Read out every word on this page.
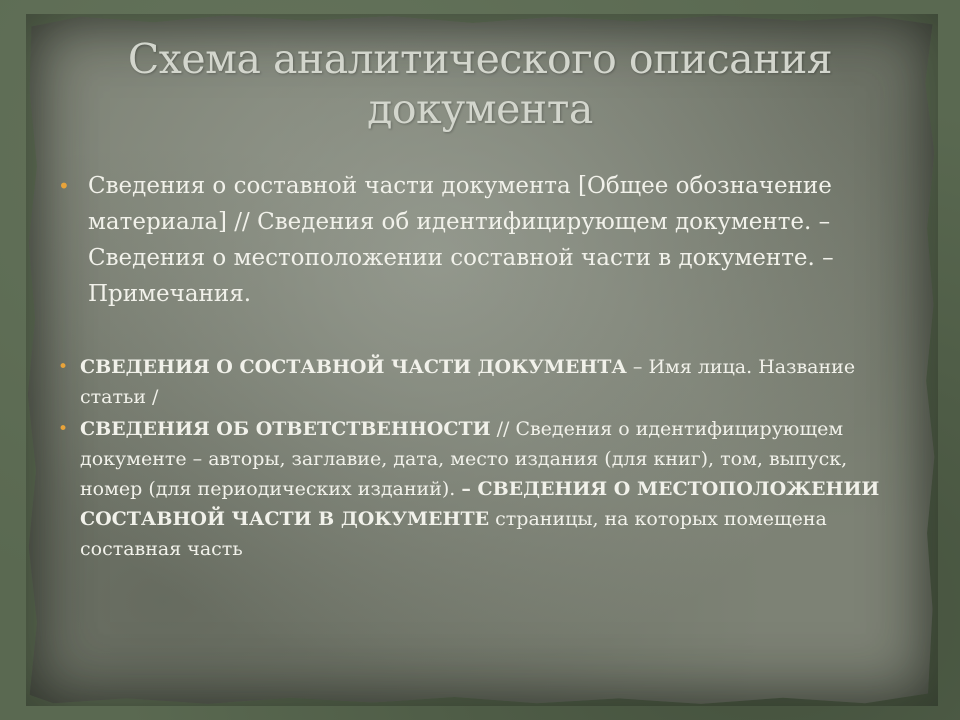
Схема аналитического описания
документа
• Сведения о составной части документа [Общее обозначение материала] // Сведения об идентифицирующем документе. – Сведения о местоположении составной части в документе. – Примечания.
• СВЕДЕНИЯ О СОСТАВНОЙ ЧАСТИ ДОКУМЕНТА – Имя лица. Название статьи /
• СВЕДЕНИЯ ОБ ОТВЕТСТВЕННОСТИ // Сведения о идентифицирующем документе – авторы, заглавие, дата, место издания (для книг), том, выпуск, номер (для периодических изданий). – СВЕДЕНИЯ О МЕСТОПОЛОЖЕНИИ СОСТАВНОЙ ЧАСТИ В ДОКУМЕНТЕ страницы, на которых помещена составная часть
